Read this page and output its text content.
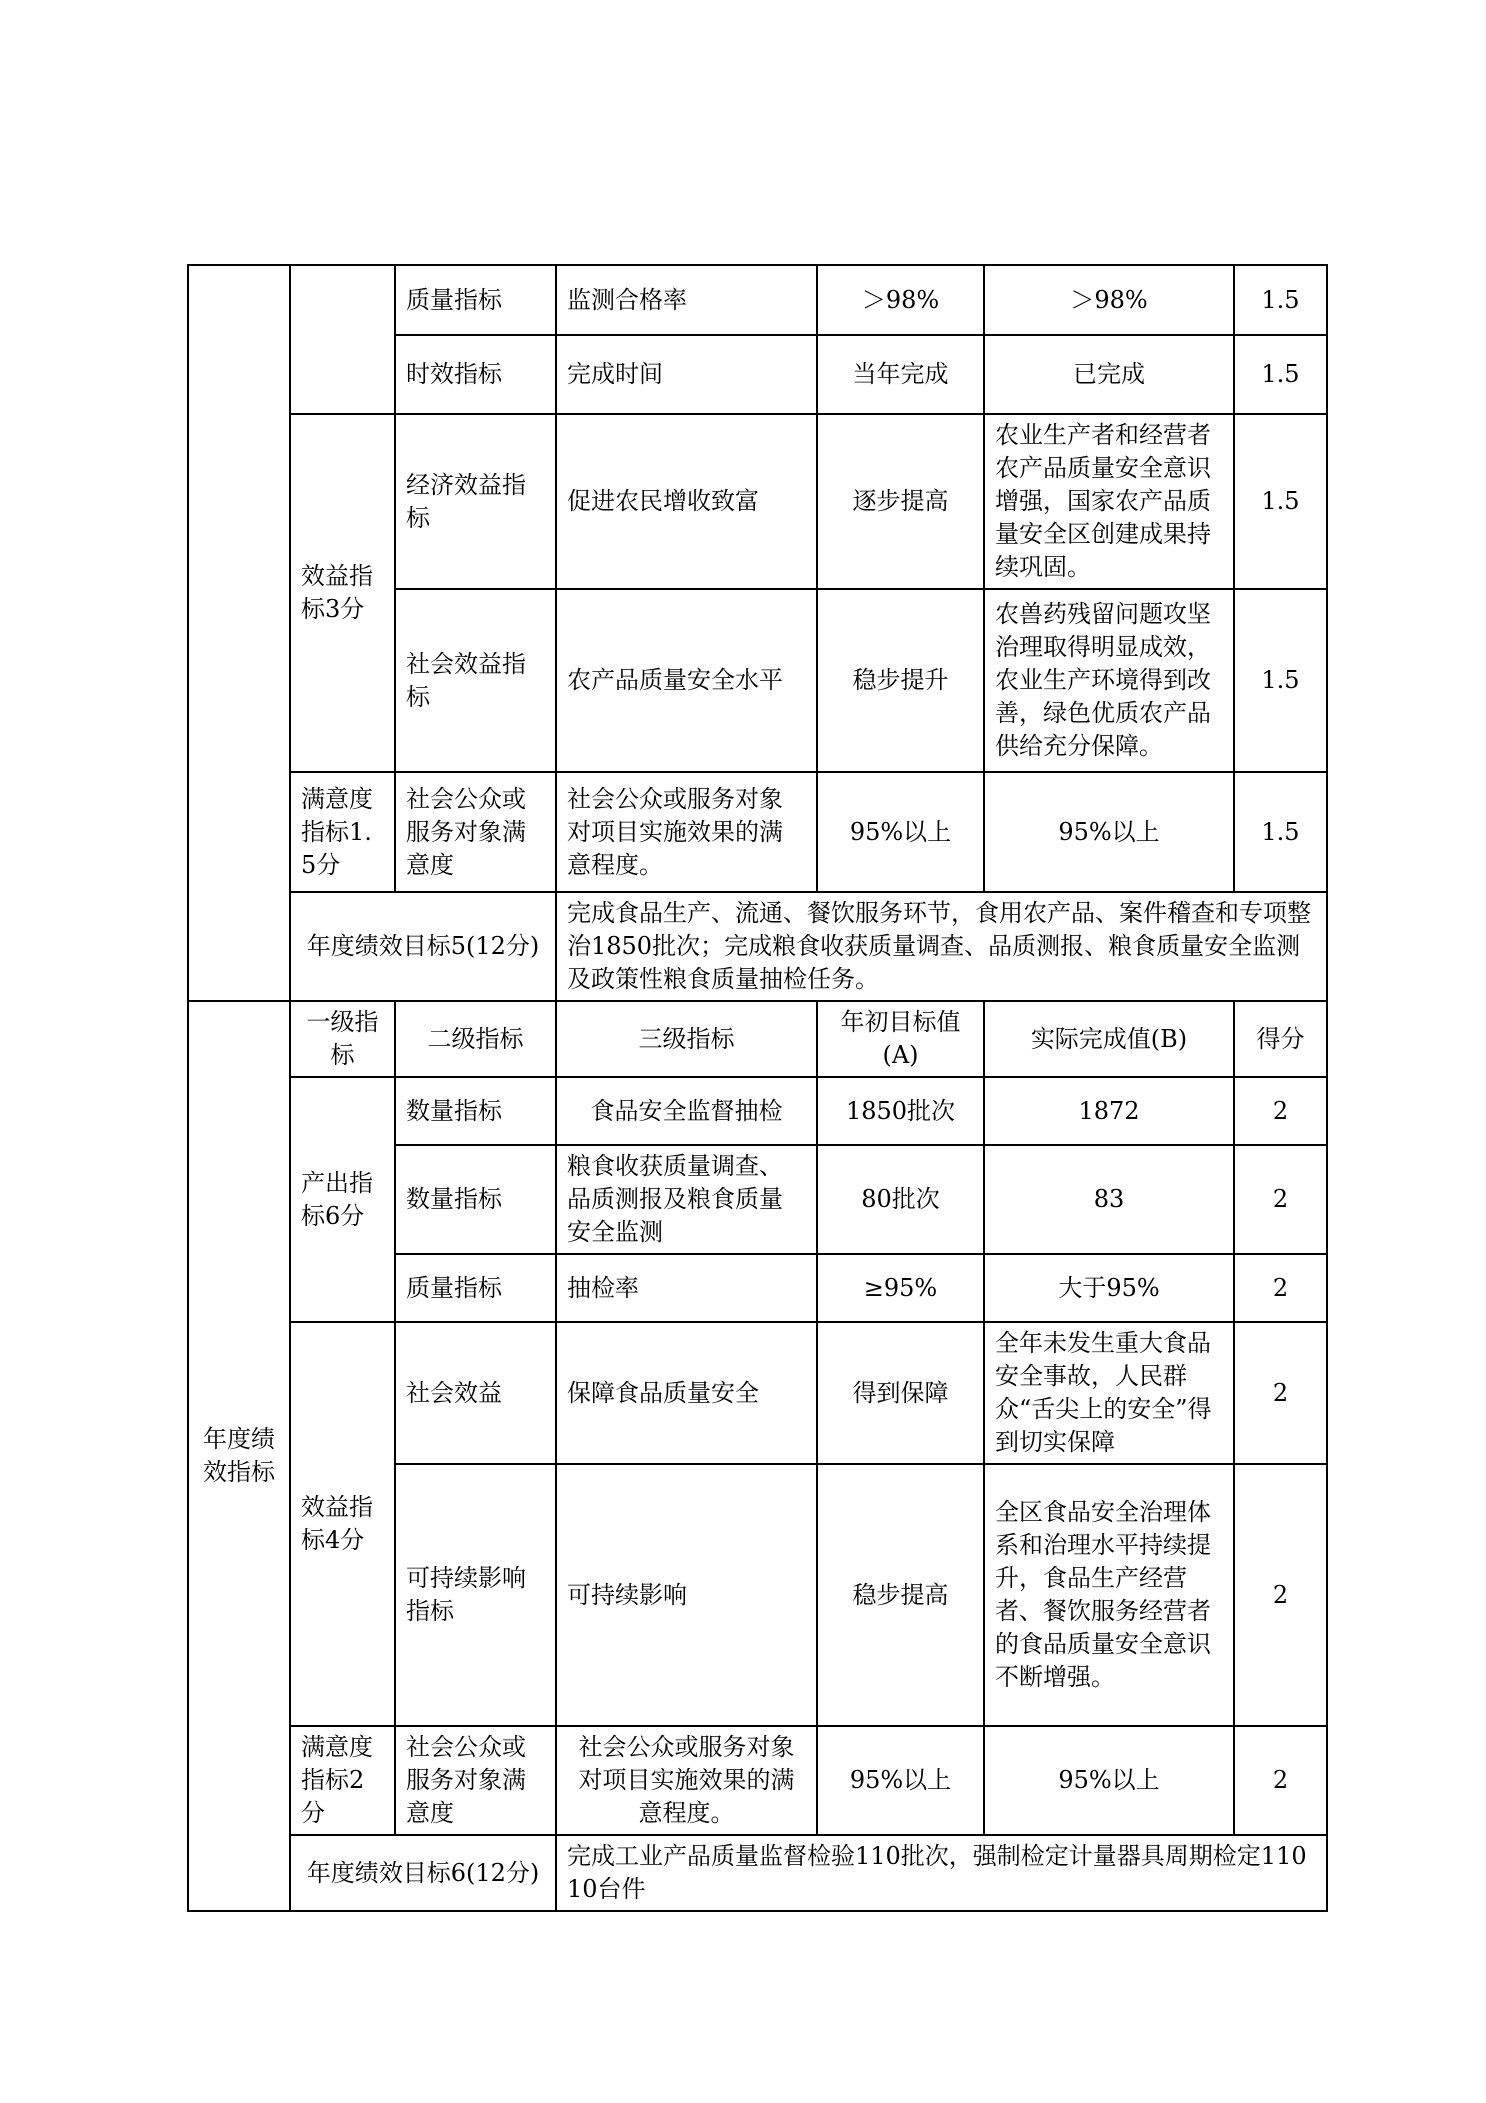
		质量指标	监测合格率	＞98%	＞98%	1.5
		时效指标	完成时间	当年完成	已完成	1.5
	效益指标3分	经济效益指标	促进农民增收致富	逐步提高	农业生产者和经营者农产品质量安全意识增强，国家农产品质量安全区创建成果持续巩固。	1.5
		社会效益指标	农产品质量安全水平	稳步提升	农兽药残留问题攻坚治理取得明显成效，农业生产环境得到改善，绿色优质农产品供给充分保障。	1.5
	满意度指标1.5分	社会公众或服务对象满意度	社会公众或服务对象对项目实施效果的满意程度。	95%以上	95%以上	1.5
	年度绩效目标5(12分)		完成食品生产、流通、餐饮服务环节，食用农产品、案件稽查和专项整治1850批次；完成粮食收获质量调查、品质测报、粮食质量安全监测及政策性粮食质量抽检任务。			
年度绩效指标	一级指标	二级指标	三级指标	年初目标值(A)	实际完成值(B)	得分
	产出指标6分	数量指标	食品安全监督抽检	1850批次	1872	2
		数量指标	粮食收获质量调查、品质测报及粮食质量安全监测	80批次	83	2
		质量指标	抽检率	≥95%	大于95%	2
	效益指标4分	社会效益	保障食品质量安全	得到保障	全年未发生重大食品安全事故，人民群众“舌尖上的安全”得到切实保障	2
		可持续影响指标	可持续影响	稳步提高	全区食品安全治理体系和治理水平持续提升，食品生产经营者、餐饮服务经营者的食品质量安全意识不断增强。	2
	满意度指标2分	社会公众或服务对象满意度	社会公众或服务对象对项目实施效果的满意程度。	95%以上	95%以上	2
	年度绩效目标6(12分)		完成工业产品质量监督检验110批次，强制检定计量器具周期检定11010台件			
